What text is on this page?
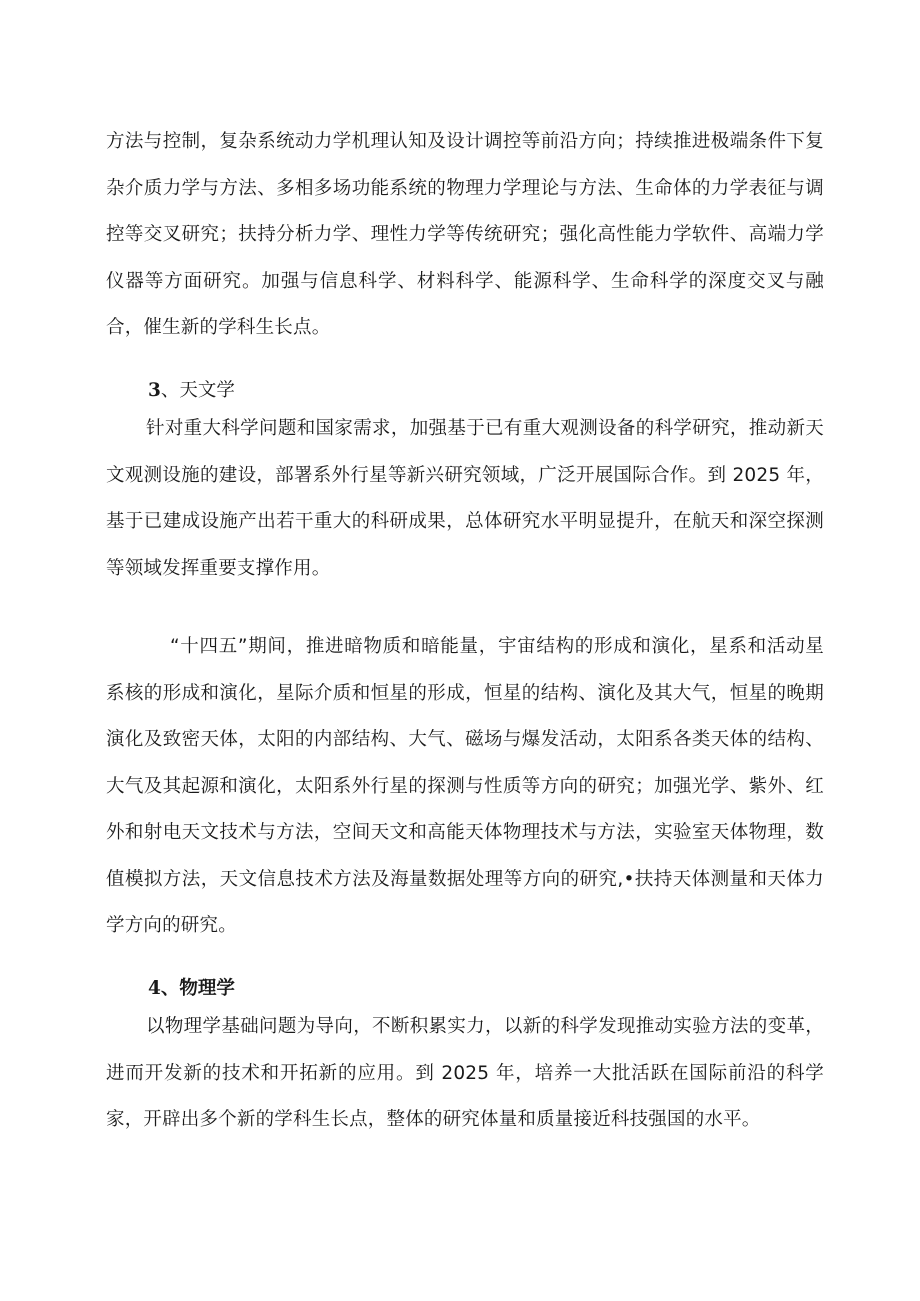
方法与控制，复杂系统动力学机理认知及设计调控等前沿方向；持续推进极端条件下复杂介质力学与方法、多相多场功能系统的物理力学理论与方法、生命体的力学表征与调控等交叉研究；扶持分析力学、理性力学等传统研究；强化高性能力学软件、高端力学仪器等方面研究。加强与信息科学、材料科学、能源科学、生命科学的深度交叉与融合，催生新的学科生长点。

3、天文学

针对重大科学问题和国家需求，加强基于已有重大观测设备的科学研究，推动新天文观测设施的建设，部署系外行星等新兴研究领域，广泛开展国际合作。到 2025 年，基于已建成设施产出若干重大的科研成果，总体研究水平明显提升，在航天和深空探测等领域发挥重要支撑作用。

“十四五”期间，推进暗物质和暗能量，宇宙结构的形成和演化，星系和活动星系核的形成和演化，星际介质和恒星的形成，恒星的结构、演化及其大气，恒星的晚期演化及致密天体，太阳的内部结构、大气、磁场与爆发活动，太阳系各类天体的结构、大气及其起源和演化，太阳系外行星的探测与性质等方向的研究；加强光学、紫外、红外和射电天文技术与方法，空间天文和高能天体物理技术与方法，实验室天体物理，数值模拟方法，天文信息技术方法及海量数据处理等方向的研究,•扶持天体测量和天体力学方向的研究。

4、物理学

以物理学基础问题为导向，不断积累实力，以新的科学发现推动实验方法的变革，进而开发新的技术和开拓新的应用。到 2025 年，培养一大批活跃在国际前沿的科学家，开辟出多个新的学科生长点，整体的研究体量和质量接近科技强国的水平。
